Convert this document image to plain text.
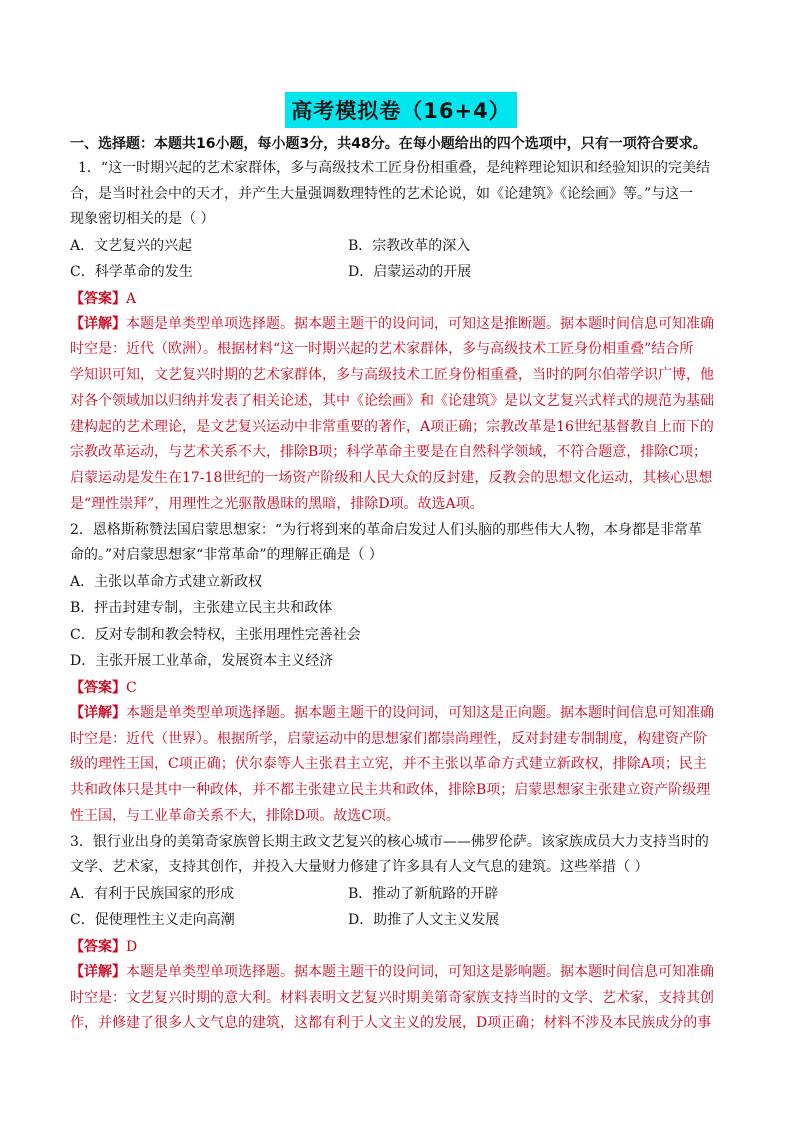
高考模拟卷（16+4）
一、选择题：本题共16小题，每小题3分，共48分。在每小题给出的四个选项中，只有一项符合要求。
1．“这一时期兴起的艺术家群体，多与高级技术工匠身份相重叠，是纯粹理论知识和经验知识的完美结
合，是当时社会中的天才，并产生大量强调数理特性的艺术论说，如《论建筑》《论绘画》等。”与这一
现象密切相关的是（ ）
A．文艺复兴的兴起	B．宗教改革的深入
C．科学革命的发生	D．启蒙运动的开展
【答案】A
【详解】本题是单类型单项选择题。据本题主题干的设问词，可知这是推断题。据本题时间信息可知准确
时空是：近代（欧洲）。根据材料“这一时期兴起的艺术家群体，多与高级技术工匠身份相重叠”结合所
学知识可知，文艺复兴时期的艺术家群体，多与高级技术工匠身份相重叠，当时的阿尔伯蒂学识广博，他
对各个领域加以归纳并发表了相关论述，其中《论绘画》和《论建筑》是以文艺复兴式样式的规范为基础
建构起的艺术理论，是文艺复兴运动中非常重要的著作，A项正确；宗教改革是16世纪基督教自上而下的
宗教改革运动，与艺术关系不大，排除B项；科学革命主要是在自然科学领域，不符合题意，排除C项；
启蒙运动是发生在17-18世纪的一场资产阶级和人民大众的反封建，反教会的思想文化运动，其核心思想
是“理性崇拜”，用理性之光驱散愚昧的黑暗，排除D项。故选A项。
2．恩格斯称赞法国启蒙思想家：“为行将到来的革命启发过人们头脑的那些伟大人物，本身都是非常革
命的。”对启蒙思想家“非常革命”的理解正确是（ ）
A．主张以革命方式建立新政权
B．抨击封建专制，主张建立民主共和政体
C．反对专制和教会特权，主张用理性完善社会
D．主张开展工业革命，发展资本主义经济
【答案】C
【详解】本题是单类型单项选择题。据本题主题干的设问词，可知这是正向题。据本题时间信息可知准确
时空是：近代（世界）。根据所学，启蒙运动中的思想家们都崇尚理性，反对封建专制制度，构建资产阶
级的理性王国，C项正确；伏尔泰等人主张君主立宪，并不主张以革命方式建立新政权，排除A项；民主
共和政体只是其中一种政体，并不都主张建立民主共和政体，排除B项；启蒙思想家主张建立资产阶级理
性王国，与工业革命关系不大，排除D项。故选C项。
3．银行业出身的美第奇家族曾长期主政文艺复兴的核心城市——佛罗伦萨。该家族成员大力支持当时的
文学、艺术家，支持其创作，并投入大量财力修建了许多具有人文气息的建筑。这些举措（ ）
A．有利于民族国家的形成	B．推动了新航路的开辟
C．促使理性主义走向高潮	D．助推了人文主义发展
【答案】D
【详解】本题是单类型单项选择题。据本题主题干的设问词，可知这是影响题。据本题时间信息可知准确
时空是：文艺复兴时期的意大利。材料表明文艺复兴时期美第奇家族支持当时的文学、艺术家，支持其创
作，并修建了很多人文气息的建筑，这都有利于人文主义的发展，D项正确；材料不涉及本民族成分的事
